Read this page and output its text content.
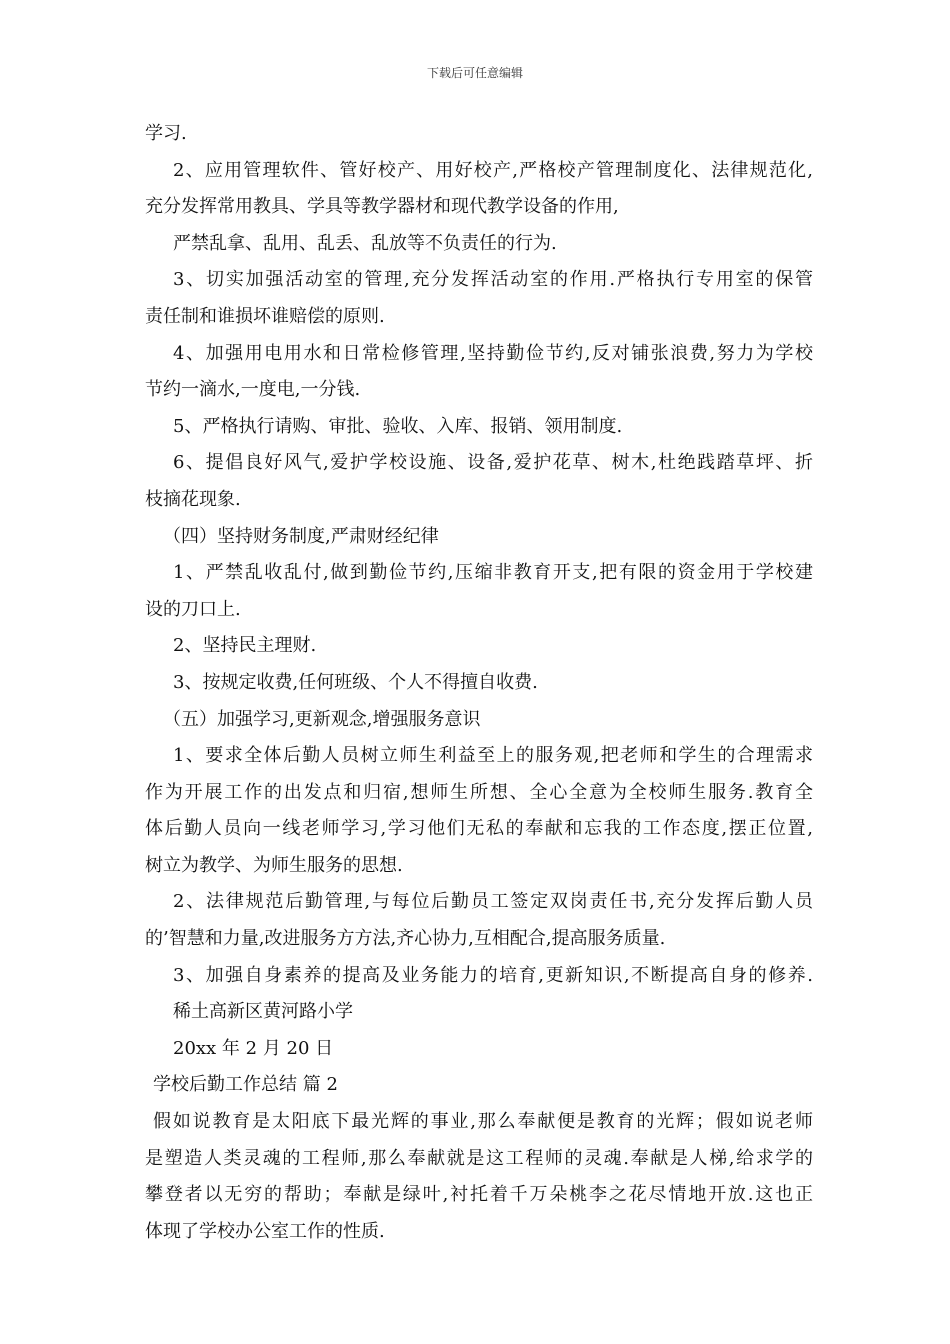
下载后可任意编辑
学习.
2、应用管理软件、管好校产、用好校产,严格校产管理制度化、法律规范化,
充分发挥常用教具、学具等教学器材和现代教学设备的作用,
严禁乱拿、乱用、乱丢、乱放等不负责任的行为.
3、切实加强活动室的管理,充分发挥活动室的作用.严格执行专用室的保管
责任制和谁损坏谁赔偿的原则.
4、加强用电用水和日常检修管理,坚持勤俭节约,反对铺张浪费,努力为学校
节约一滴水,一度电,一分钱.
5、严格执行请购、审批、验收、入库、报销、领用制度.
6、提倡良好风气,爱护学校设施、设备,爱护花草、树木,杜绝践踏草坪、折
枝摘花现象.
（四）坚持财务制度,严肃财经纪律
1、严禁乱收乱付,做到勤俭节约,压缩非教育开支,把有限的资金用于学校建
设的刀口上.
2、坚持民主理财.
3、按规定收费,任何班级、个人不得擅自收费.
（五）加强学习,更新观念,增强服务意识
1、要求全体后勤人员树立师生利益至上的服务观,把老师和学生的合理需求
作为开展工作的出发点和归宿,想师生所想、全心全意为全校师生服务.教育全
体后勤人员向一线老师学习,学习他们无私的奉献和忘我的工作态度,摆正位置,
树立为教学、为师生服务的思想.
2、法律规范后勤管理,与每位后勤员工签定双岗责任书,充分发挥后勤人员
的’智慧和力量,改进服务方方法,齐心协力,互相配合,提高服务质量.
3、加强自身素养的提高及业务能力的培育,更新知识,不断提高自身的修养.
稀土高新区黄河路小学
20xx 年 2 月 20 日
学校后勤工作总结 篇 2
假如说教育是太阳底下最光辉的事业,那么奉献便是教育的光辉；假如说老师
是塑造人类灵魂的工程师,那么奉献就是这工程师的灵魂.奉献是人梯,给求学的
攀登者以无穷的帮助；奉献是绿叶,衬托着千万朵桃李之花尽情地开放.这也正
体现了学校办公室工作的性质.
